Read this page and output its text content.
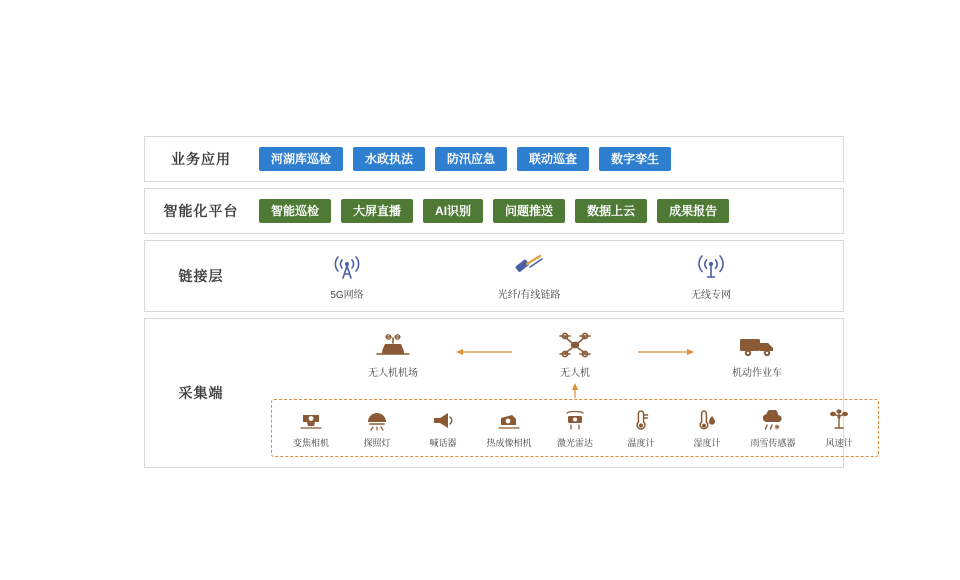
业务应用	河湖库巡检	水政执法	防汛应急	联动巡查	数字孪生
智能化平台	智能巡检	大屏直播	AI识别	问题推送	数据上云	成果报告
链接层
5G网络	光纤/有线链路	无线专网
采集端
无人机机场	无人机	机动作业车
变焦相机	探照灯	喊话器	热成像相机	激光雷达	温度计	湿度计	雨雪传感器	风速计
